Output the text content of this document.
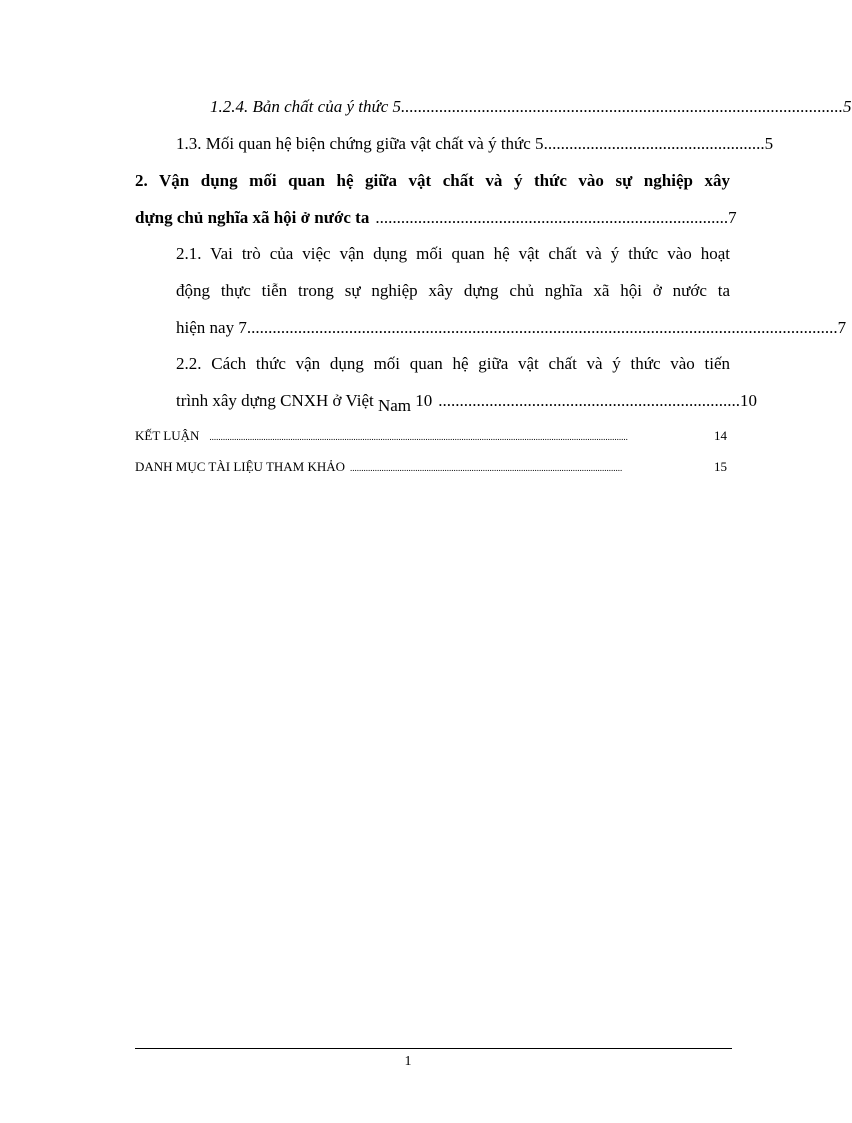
1.2.4. Bản chất của ý thức 5 ........................................................................................................ 5
1.3. Mối quan hệ biện chứng giữa vật chất và ý thức 5 .................................................... 5
2. Vận dụng mối quan hệ giữa vật chất và ý thức vào sự nghiệp xây
dựng chủ nghĩa xã hội ở nước ta ................................................................................... 7
2.1. Vai trò của việc vận dụng mối quan hệ vật chất và ý thức vào hoạt
động thực tiễn trong sự nghiệp xây dựng chủ nghĩa xã hội ở nước ta
hiện nay 7 ........................................................................................................................................... 7
2.2. Cách thức vận dụng mối quan hệ giữa vật chất và ý thức vào tiến
trình xây dựng CNXH ở Việt Nam 10 ....................................................................... 10
KẾT LUẬN	..........................................................................................................................................................................................	14
DANH MỤC TÀI LIỆU THAM KHẢO .........................................................................................................................	15
1
